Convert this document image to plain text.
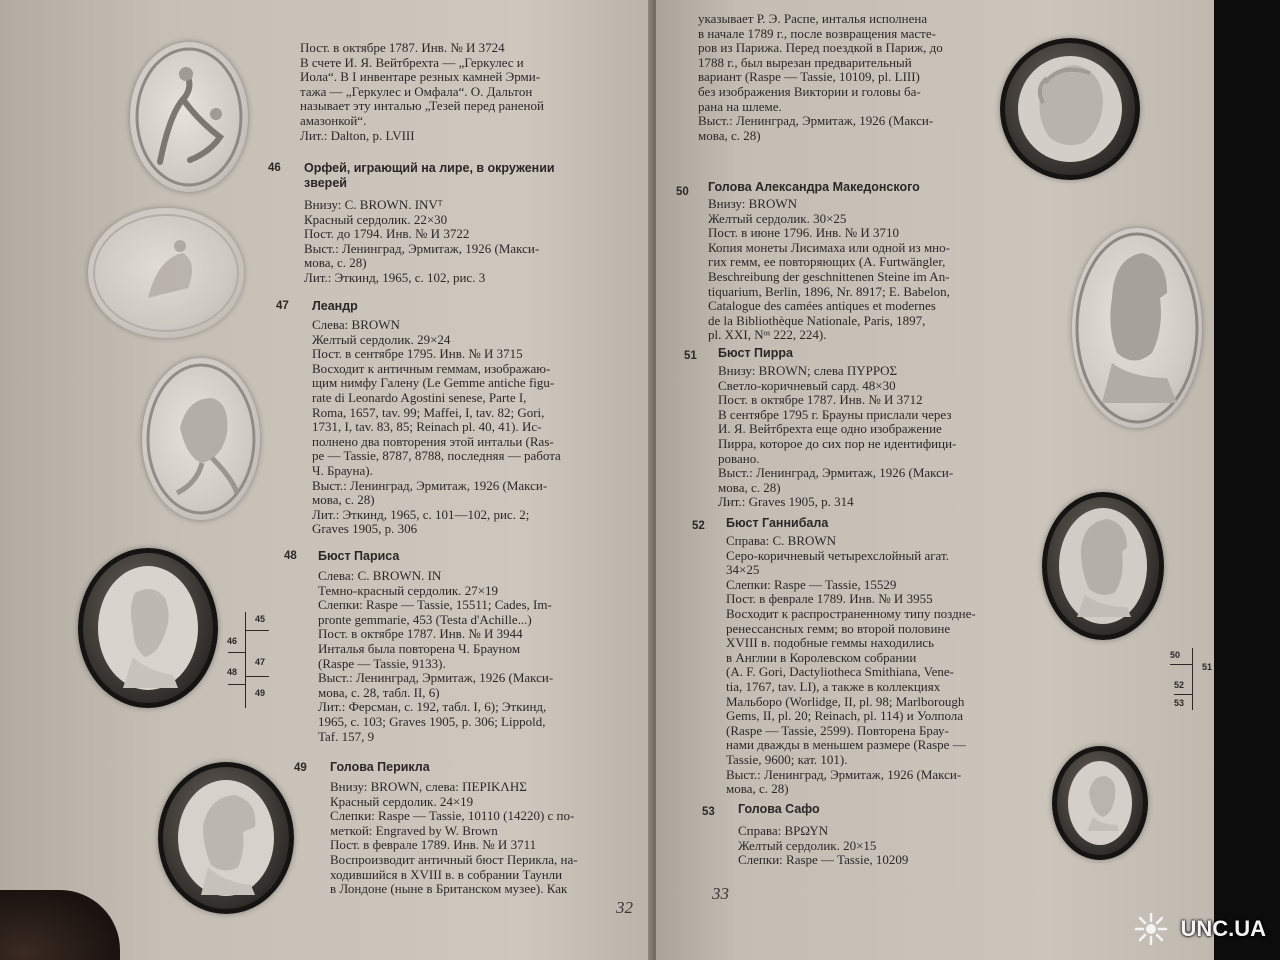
Пост. в октябре 1787. Инв. № И 3724
В счете И. Я. Вейтбрехта — „Геркулес и
Иола“. В I инвентаре резных камней Эрми-
тажа — „Геркулес и Омфала“. О. Дальтон
называет эту инталью „Тезей перед раненой
амазонкой“.
Лит.: Dalton, p. LVIII
46 Орфей, играющий на лире, в окружении
зверей
Внизу: C. BROWN. INVᵀ
Красный сердолик. 22×30
Пост. до 1794. Инв. № И 3722
Выст.: Ленинград, Эрмитаж, 1926 (Макси-
мова, с. 28)
Лит.: Эткинд, 1965, с. 102, рис. 3
47 Леандр
Слева: BROWN
Желтый сердолик. 29×24
Пост. в сентябре 1795. Инв. № И 3715
Восходит к античным геммам, изображаю-
щим нимфу Галену (Le Gemme antiche figu-
rate di Leonardo Agostini senese, Parte I,
Roma, 1657, tav. 99; Maffei, I, tav. 82; Gori,
1731, I, tav. 83, 85; Reinach pl. 40, 41). Ис-
полнено два повторения этой интальи (Ras-
pe — Tassie, 8787, 8788, последняя — работа
Ч. Брауна).
Выст.: Ленинград, Эрмитаж, 1926 (Макси-
мова, с. 28)
Лит.: Эткинд, 1965, с. 101—102, рис. 2;
Graves 1905, p. 306
48 Бюст Париса
Слева: C. BROWN. IN
Темно-красный сердолик. 27×19
Слепки: Raspe — Tassie, 15511; Cades, Im-
pronte gemmarie, 453 (Testa d'Achille...)
Пост. в октябре 1787. Инв. № И 3944
Инталья была повторена Ч. Брауном
(Raspe — Tassie, 9133).
Выст.: Ленинград, Эрмитаж, 1926 (Макси-
мова, с. 28, табл. II, 6)
Лит.: Ферсман, с. 192, табл. I, 6); Эткинд,
1965, с. 103; Graves 1905, p. 306; Lippold,
Taf. 157, 9
45
46
47
48
49
49 Голова Перикла
Внизу: BROWN, слева: ΠΕΡΙΚΛΗΣ
Красный сердолик. 24×19
Слепки: Raspe — Tassie, 10110 (14220) с по-
меткой: Engraved by W. Brown
Пост. в феврале 1789. Инв. № И 3711
Воспроизводит античный бюст Перикла, на-
ходившийся в XVIII в. в собрании Таунли
в Лондоне (ныне в Британском музее). Как
32
указывает Р. Э. Распе, инталья исполнена
в начале 1789 г., после возвращения масте-
ров из Парижа. Перед поездкой в Париж, до
1788 г., был вырезан предварительный
вариант (Raspe — Tassie, 10109, pl. LIII)
без изображения Виктории и головы ба-
рана на шлеме.
Выст.: Ленинград, Эрмитаж, 1926 (Макси-
мова, с. 28)
50 Голова Александра Македонского
Внизу: BROWN
Желтый сердолик. 30×25
Пост. в июне 1796. Инв. № И 3710
Копия монеты Лисимаха или одной из мно-
гих гемм, ее повторяющих (A. Furtwängler,
Beschreibung der geschnittenen Steine im An-
tiquarium, Berlin, 1896, Nr. 8917; E. Babelon,
Catalogue des camées antiques et modernes
de la Bibliothèque Nationale, Paris, 1897,
pl. XXI, Nᵒˢ 222, 224).
51 Бюст Пирра
Внизу: BROWN; слева ΠΥΡΡΟΣ
Светло-коричневый сард. 48×30
Пост. в октябре 1787. Инв. № И 3712
В сентябре 1795 г. Брауны прислали через
И. Я. Вейтбрехта еще одно изображение
Пирра, которое до сих пор не идентифици-
ровано.
Выст.: Ленинград, Эрмитаж, 1926 (Макси-
мова, с. 28)
Лит.: Graves 1905, p. 314
52 Бюст Ганнибала
Справа: C. BROWN
Серо-коричневый четырехслойный агат.
34×25
Слепки: Raspe — Tassie, 15529
Пост. в феврале 1789. Инв. № И 3955
Восходит к распространенному типу поздне-
ренессансных гемм; во второй половине
XVIII в. подобные геммы находились
в Англии в Королевском собрании
(A. F. Gori, Dactyliotheca Smithiana, Vene-
tia, 1767, tav. LI), а также в коллекциях
Мальборо (Worlidge, II, pl. 98; Marlborough
Gems, II, pl. 20; Reinach, pl. 114) и Уолпола
(Raspe — Tassie, 2599). Повторена Брау-
нами дважды в меньшем размере (Raspe —
Tassie, 9600; кат. 101).
Выст.: Ленинград, Эрмитаж, 1926 (Макси-
мова, с. 28)
53 Голова Сафо
Справа: ΒΡΩΥΝ
Желтый сердолик. 20×15
Слепки: Raspe — Tassie, 10209
33
50
51
52
53
UNC.UA
